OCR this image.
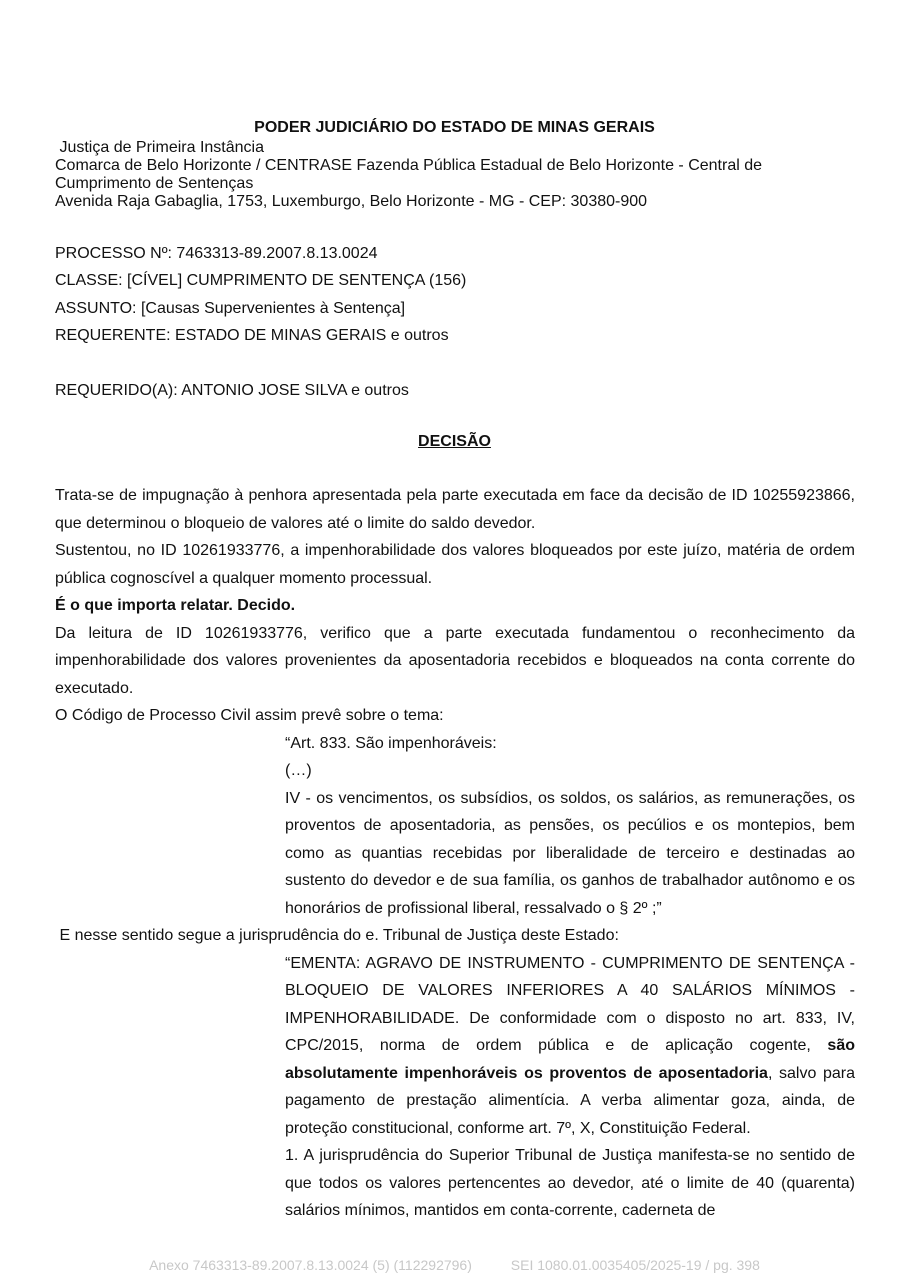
PODER JUDICIÁRIO DO ESTADO DE MINAS GERAIS
Justiça de Primeira Instância
Comarca de Belo Horizonte / CENTRASE Fazenda Pública Estadual de Belo Horizonte - Central de Cumprimento de Sentenças
Avenida Raja Gabaglia, 1753, Luxemburgo, Belo Horizonte - MG - CEP: 30380-900
PROCESSO Nº: 7463313-89.2007.8.13.0024
CLASSE: [CÍVEL] CUMPRIMENTO DE SENTENÇA (156)
ASSUNTO: [Causas Supervenientes à Sentença]
REQUERENTE: ESTADO DE MINAS GERAIS e outros
REQUERIDO(A): ANTONIO JOSE SILVA e outros
DECISÃO

Trata-se de impugnação à penhora apresentada pela parte executada em face da decisão de ID 10255923866, que determinou o bloqueio de valores até o limite do saldo devedor.

Sustentou, no ID 10261933776, a impenhorabilidade dos valores bloqueados por este juízo, matéria de ordem pública cognoscível a qualquer momento processual.

É o que importa relatar. Decido.

Da leitura de ID 10261933776, verifico que a parte executada fundamentou o reconhecimento da impenhorabilidade dos valores provenientes da aposentadoria recebidos e bloqueados na conta corrente do executado.

O Código de Processo Civil assim prevê sobre o tema:

“Art. 833. São impenhoráveis:

(…)

IV - os vencimentos, os subsídios, os soldos, os salários, as remunerações, os proventos de aposentadoria, as pensões, os pecúlios e os montepios, bem como as quantias recebidas por liberalidade de terceiro e destinadas ao sustento do devedor e de sua família, os ganhos de trabalhador autônomo e os honorários de profissional liberal, ressalvado o § 2º ;”

E nesse sentido segue a jurisprudência do e. Tribunal de Justiça deste Estado:

“EMENTA: AGRAVO DE INSTRUMENTO - CUMPRIMENTO DE SENTENÇA - BLOQUEIO DE VALORES INFERIORES A 40 SALÁRIOS MÍNIMOS - IMPENHORABILIDADE. De conformidade com o disposto no art. 833, IV, CPC/2015, norma de ordem pública e de aplicação cogente, são absolutamente impenhoráveis os proventos de aposentadoria, salvo para pagamento de prestação alimentícia. A verba alimentar goza, ainda, de proteção constitucional, conforme art. 7º, X, Constituição Federal.

1. A jurisprudência do Superior Tribunal de Justiça manifesta-se no sentido de que todos os valores pertencentes ao devedor, até o limite de 40 (quarenta) salários mínimos, mantidos em conta-corrente, caderneta de

Anexo 7463313-89.2007.8.13.0024 (5) (112292796)	SEI 1080.01.0035405/2025-19 / pg. 398
